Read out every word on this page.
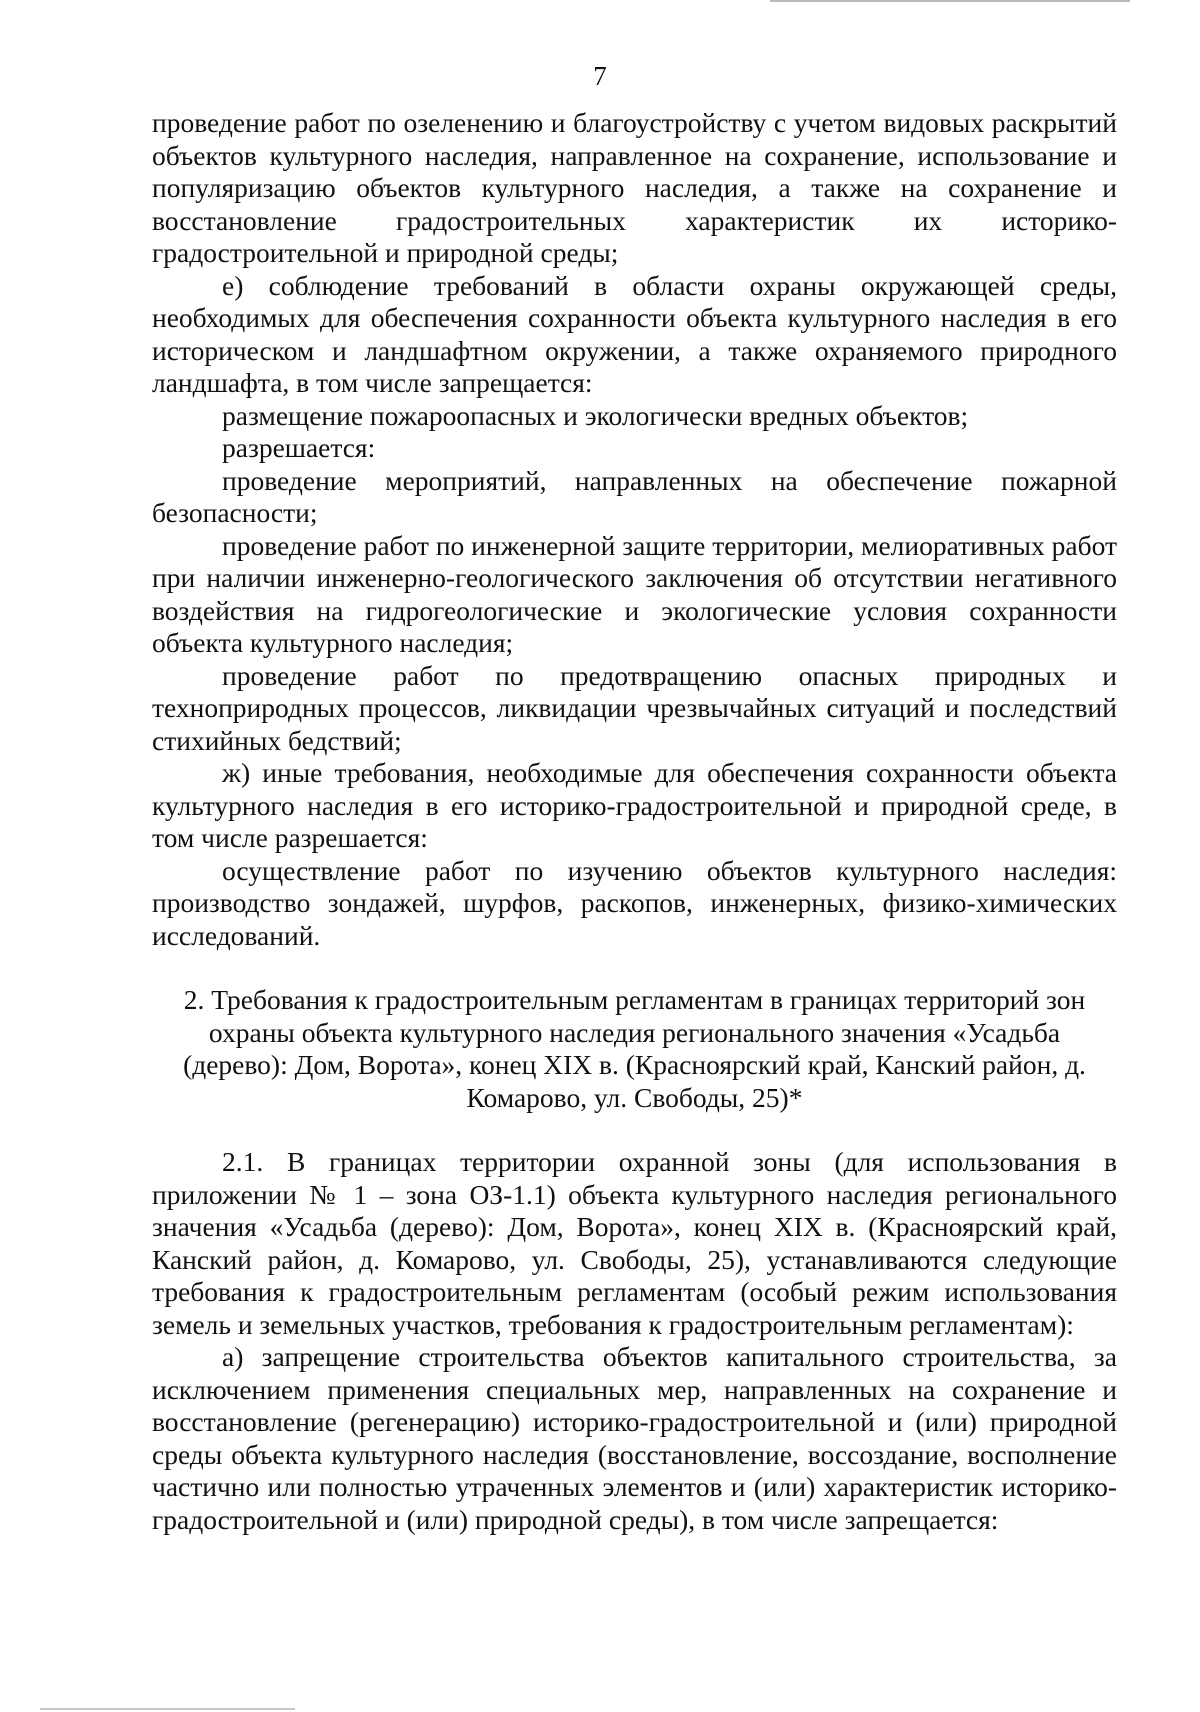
7

проведение работ по озеленению и благоустройству с учетом видовых раскрытий объектов культурного наследия, направленное на сохранение, использование и популяризацию объектов культурного наследия, а также на сохранение и восстановление градостроительных характеристик их историко-градостроительной и природной среды;

е) соблюдение требований в области охраны окружающей среды, необходимых для обеспечения сохранности объекта культурного наследия в его историческом и ландшафтном окружении, а также охраняемого природного ландшафта, в том числе запрещается:

размещение пожароопасных и экологически вредных объектов;

разрешается:

проведение мероприятий, направленных на обеспечение пожарной безопасности;

проведение работ по инженерной защите территории, мелиоративных работ при наличии инженерно-геологического заключения об отсутствии негативного воздействия на гидрогеологические и экологические условия сохранности объекта культурного наследия;

проведение работ по предотвращению опасных природных и технoприродных процессов, ликвидации чрезвычайных ситуаций и последствий стихийных бедствий;

ж) иные требования, необходимые для обеспечения сохранности объекта культурного наследия в его историко-градостроительной и природной среде, в том числе разрешается:

осуществление работ по изучению объектов культурного наследия: производство зондажей, шурфов, раскопов, инженерных, физико-химических исследований.

2. Требования к градостроительным регламентам в границах территорий зон охраны объекта культурного наследия регионального значения «Усадьба (дерево): Дом, Ворота», конец XIX в. (Красноярский край, Канский район, д. Комарово, ул. Свободы, 25)*

2.1. В границах территории охранной зоны (для использования в приложении № 1 – зона ОЗ-1.1) объекта культурного наследия регионального значения «Усадьба (дерево): Дом, Ворота», конец XIX в. (Красноярский край, Канский район, д. Комарово, ул. Свободы, 25), устанавливаются следующие требования к градостроительным регламентам (особый режим использования земель и земельных участков, требования к градостроительным регламентам):

а) запрещение строительства объектов капитального строительства, за исключением применения специальных мер, направленных на сохранение и восстановление (регенерацию) историко-градостроительной и (или) природной среды объекта культурного наследия (восстановление, воссоздание, восполнение частично или полностью утраченных элементов и (или) характеристик историко-градостроительной и (или) природной среды), в том числе запрещается:
